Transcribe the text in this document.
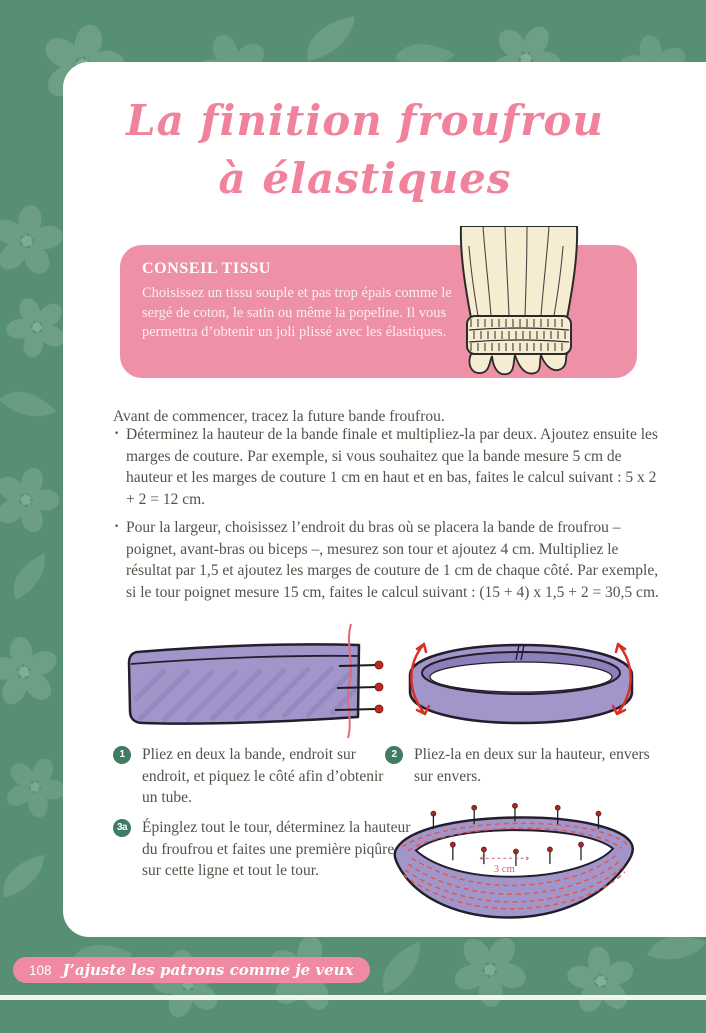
La finition froufrou
à élastiques

CONSEIL TISSU

Choisissez un tissu souple et pas trop épais comme le sergé de coton, le satin ou même la popeline. Il vous permettra d’obtenir un joli plissé avec les élastiques.

Avant de commencer, tracez la future bande froufrou.

· Déterminez la hauteur de la bande finale et multipliez-la par deux. Ajoutez ensuite les marges de couture. Par exemple, si vous souhaitez que la bande mesure 5 cm de hauteur et les marges de couture 1 cm en haut et en bas, faites le calcul suivant : 5 x 2 + 2 = 12 cm.
· Pour la largeur, choisissez l’endroit du bras où se placera la bande de froufrou – poignet, avant-bras ou biceps –, mesurez son tour et ajoutez 4 cm. Multipliez le résultat par 1,5 et ajoutez les marges de couture de 1 cm de chaque côté. Par exemple, si le tour poignet mesure 15 cm, faites le calcul suivant : (15 + 4) x 1,5 + 2 = 30,5 cm.
1	Pliez en deux la bande, endroit sur endroit, et piquez le côté afin d’obtenir un tube.
2	Pliez-la en deux sur la hauteur, envers sur envers.
3a Épinglez tout le tour, déterminez la hauteur du froufrou et faites une première piqûre sur cette ligne et tout le tour.	3 cm
108 J’ajuste les patrons comme je veux
